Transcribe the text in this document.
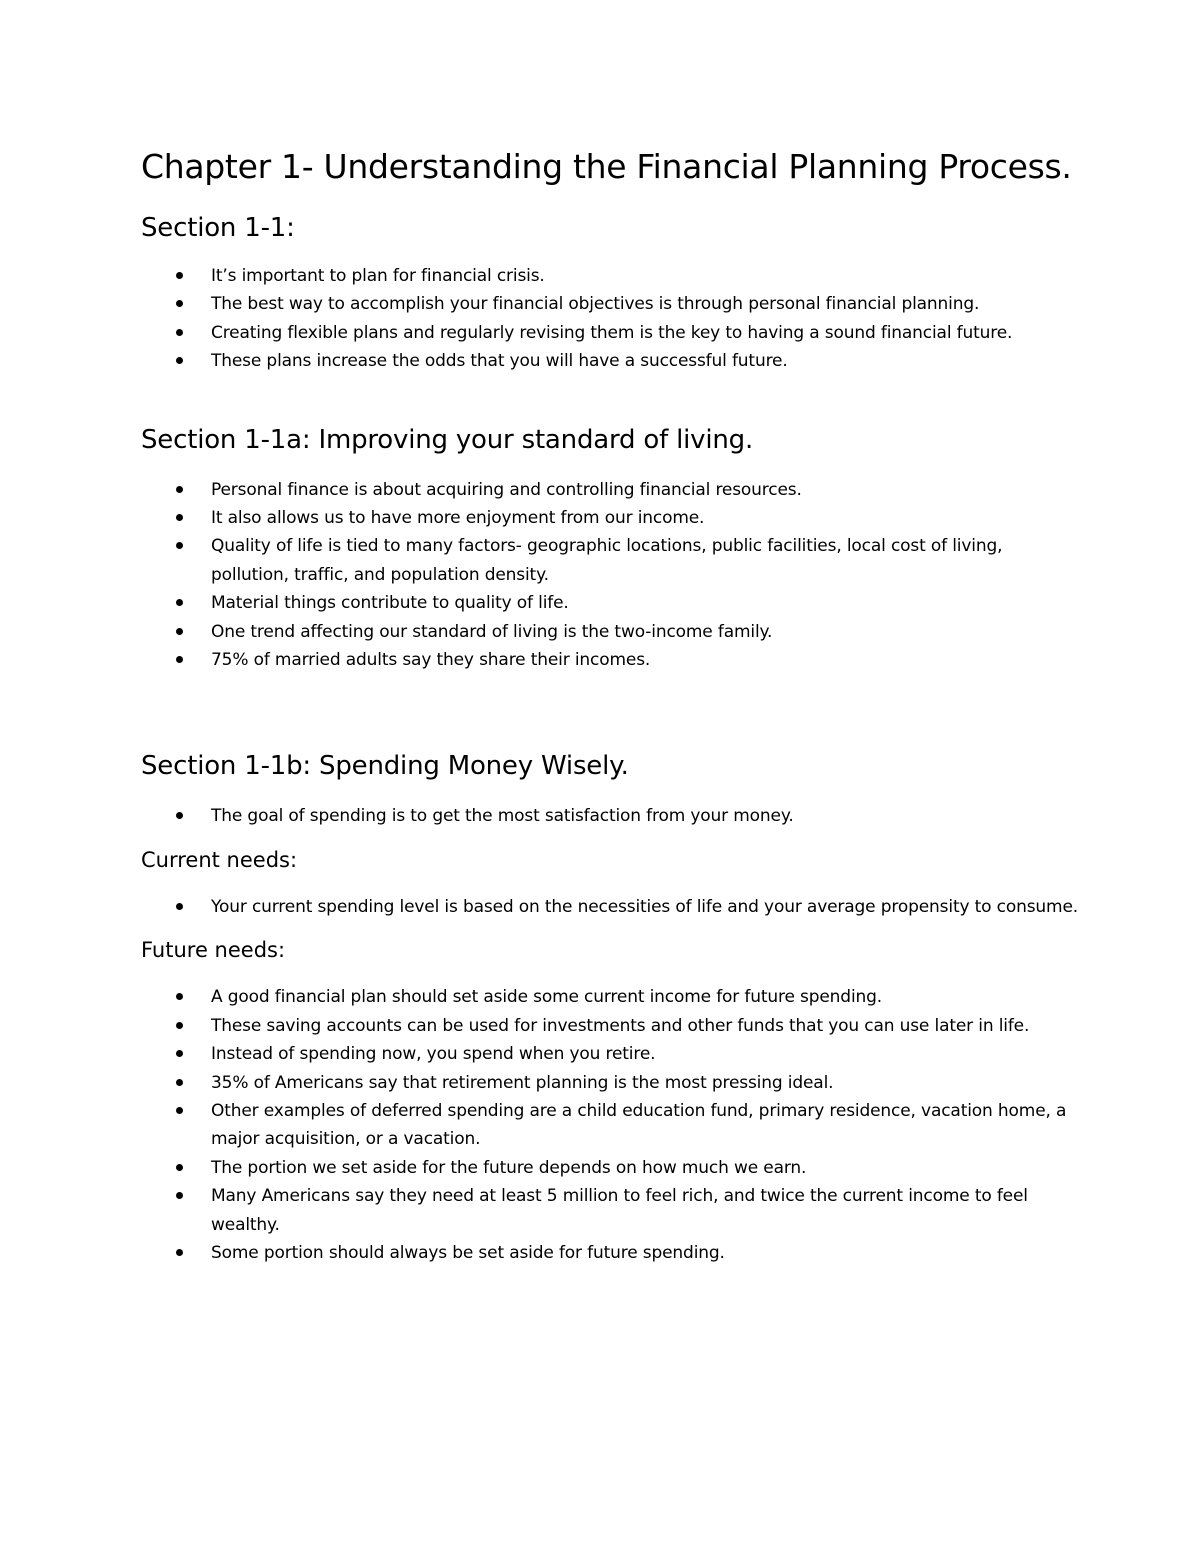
Chapter 1- Understanding the Financial Planning Process.
Section 1-1:
It’s important to plan for financial crisis.
The best way to accomplish your financial objectives is through personal financial planning.
Creating flexible plans and regularly revising them is the key to having a sound financial future.
These plans increase the odds that you will have a successful future.
Section 1-1a: Improving your standard of living.
Personal finance is about acquiring and controlling financial resources.
It also allows us to have more enjoyment from our income.
Quality of life is tied to many factors- geographic locations, public facilities, local cost of living, pollution, traffic, and population density.
Material things contribute to quality of life.
One trend affecting our standard of living is the two-income family.
75% of married adults say they share their incomes.
Section 1-1b: Spending Money Wisely.
The goal of spending is to get the most satisfaction from your money.
Current needs:
Your current spending level is based on the necessities of life and your average propensity to consume.
Future needs:
A good financial plan should set aside some current income for future spending.
These saving accounts can be used for investments and other funds that you can use later in life.
Instead of spending now, you spend when you retire.
35% of Americans say that retirement planning is the most pressing ideal.
Other examples of deferred spending are a child education fund, primary residence, vacation home, a major acquisition, or a vacation.
The portion we set aside for the future depends on how much we earn.
Many Americans say they need at least 5 million to feel rich, and twice the current income to feel wealthy.
Some portion should always be set aside for future spending.
